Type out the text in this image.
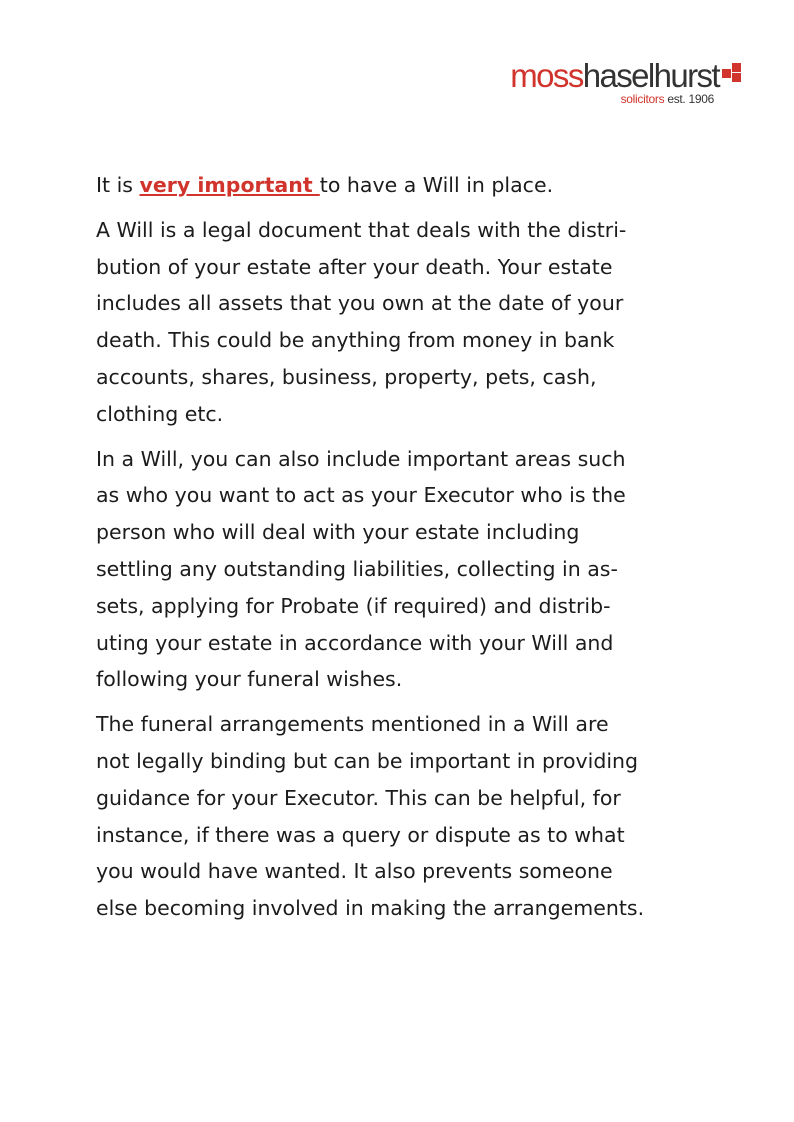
moss haselhurst
solicitors est. 1906

It is very important to have a Will in place.

A Will is a legal document that deals with the distri-
bution of your estate after your death. Your estate
includes all assets that you own at the date of your
death. This could be anything from money in bank
accounts, shares, business, property, pets, cash,
clothing etc.

In a Will, you can also include important areas such
as who you want to act as your Executor who is the
person who will deal with your estate including
settling any outstanding liabilities, collecting in as-
sets, applying for Probate (if required) and distrib-
uting your estate in accordance with your Will and
following your funeral wishes.

The funeral arrangements mentioned in a Will are
not legally binding but can be important in providing
guidance for your Executor. This can be helpful, for
instance, if there was a query or dispute as to what
you would have wanted. It also prevents someone
else becoming involved in making the arrangements.
